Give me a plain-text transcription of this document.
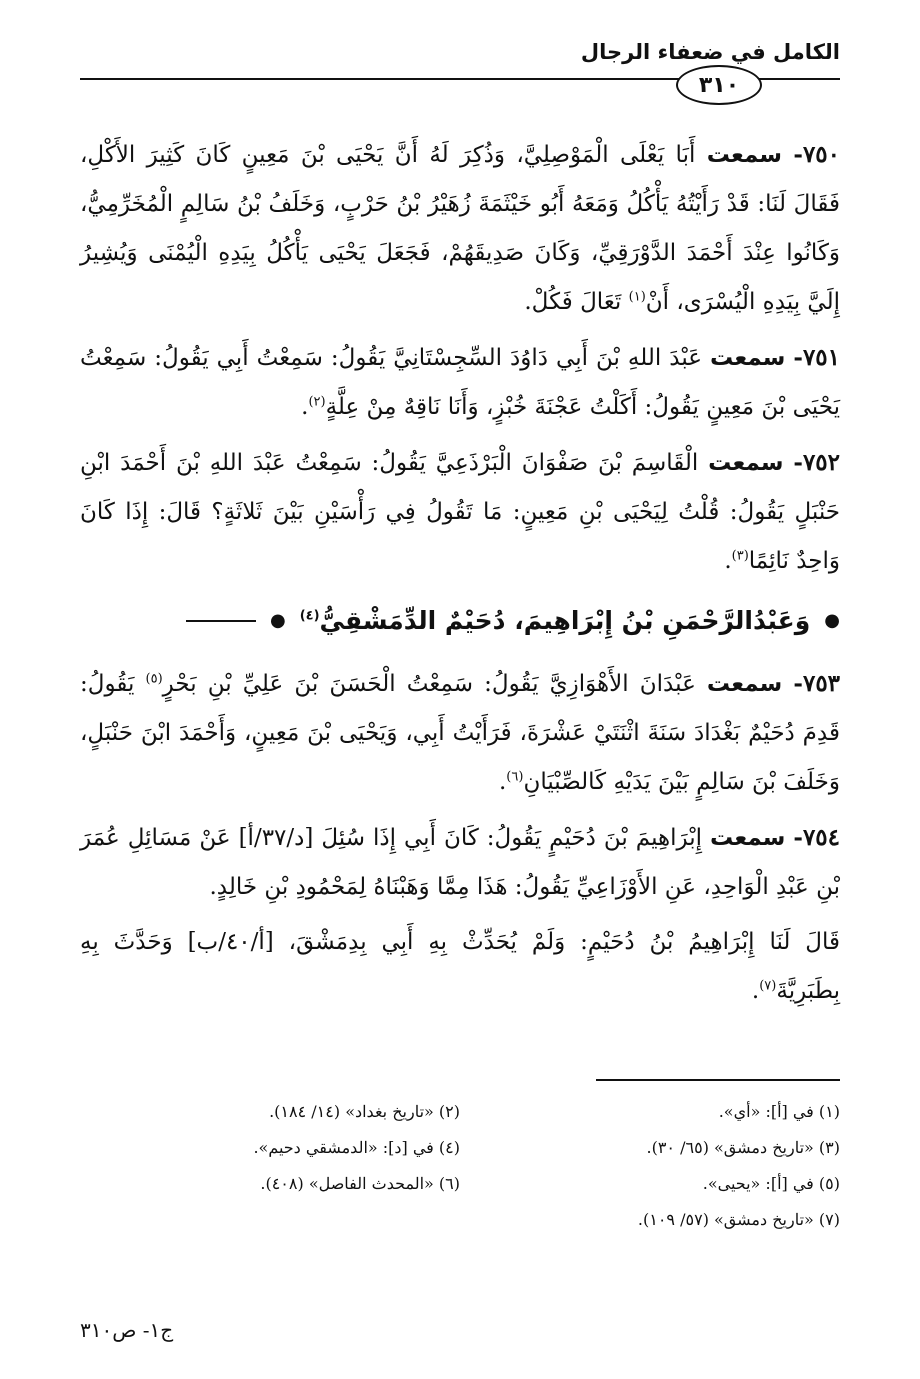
الكامل في ضعفاء الرجال
٣١٠

٧٥٠- سمعت أَبَا يَعْلَى الْمَوْصِلِيَّ، وَذُكِرَ لَهُ أَنَّ يَحْيَى بْنَ مَعِينٍ كَانَ كَثِيرَ الأَكْلِ، فَقَالَ لَنَا: قَدْ رَأَيْتُهُ يَأْكُلُ وَمَعَهُ أَبُو خَيْثَمَةَ زُهَيْرُ بْنُ حَرْبٍ، وَخَلَفُ بْنُ سَالِمٍ الْمُخَرِّمِيُّ، وَكَانُوا عِنْدَ أَحْمَدَ الدَّوْرَقِيِّ، وَكَانَ صَدِيقَهُمْ، فَجَعَلَ يَحْيَى يَأْكُلُ بِيَدِهِ الْيُمْنَى وَيُشِيرُ إِلَيَّ بِيَدِهِ الْيُسْرَى، أَنْ$^{(١)}$ تَعَالَ فَكُلْ.

٧٥١- سمعت عَبْدَ اللهِ بْنَ أَبِي دَاوُدَ السِّجِسْتَانِيَّ يَقُولُ: سَمِعْتُ أَبِي يَقُولُ: سَمِعْتُ يَحْيَى بْنَ مَعِينٍ يَقُولُ: أَكَلْتُ عَجْنَةَ خُبْزٍ، وَأَنَا نَاقِهٌ مِنْ عِلَّةٍ$^{(٢)}$.

٧٥٢- سمعت الْقَاسِمَ بْنَ صَفْوَانَ الْبَرْذَعِيَّ يَقُولُ: سَمِعْتُ عَبْدَ اللهِ بْنَ أَحْمَدَ ابْنِ حَنْبَلٍ يَقُولُ: قُلْتُ لِيَحْيَى بْنِ مَعِينٍ: مَا تَقُولُ فِي رَأْسَيْنِ بَيْنَ ثَلاثَةٍ؟ قَالَ: إِذَا كَانَ وَاحِدٌ نَائِمًا$^{(٣)}$.

●
وَعَبْدُالرَّحْمَنِ بْنُ إِبْرَاهِيمَ، دُحَيْمٌ الدِّمَشْقِيُّ$^{(٤)}$
●

٧٥٣- سمعت عَبْدَانَ الأَهْوَازِيَّ يَقُولُ: سَمِعْتُ الْحَسَنَ بْنَ عَلِيِّ بْنِ بَحْرٍ$^{(٥)}$ يَقُولُ: قَدِمَ دُحَيْمٌ بَغْدَادَ سَنَةَ اثْنَتَيْ عَشْرَةَ، فَرَأَيْتُ أَبِي، وَيَحْيَى بْنَ مَعِينٍ، وَأَحْمَدَ ابْنَ حَنْبَلٍ، وَخَلَفَ بْنَ سَالِمٍ بَيْنَ يَدَيْهِ كَالصِّبْيَانِ$^{(٦)}$.

٧٥٤- سمعت إِبْرَاهِيمَ بْنَ دُحَيْمٍ يَقُولُ: كَانَ أَبِي إِذَا سُئِلَ [د/٣٧/أ] عَنْ مَسَائِلِ عُمَرَ بْنِ عَبْدِ الْوَاحِدِ، عَنِ الأَوْزَاعِيِّ يَقُولُ: هَذَا مِمَّا وَهَبْنَاهُ لِمَحْمُودِ بْنِ خَالِدٍ.

قَالَ لَنَا إِبْرَاهِيمُ بْنُ دُحَيْمٍ: وَلَمْ يُحَدِّثْ بِهِ أَبِي بِدِمَشْقَ، [أ/٤٠/ب] وَحَدَّثَ بِهِ بِطَبَرِيَّةَ$^{(٧)}$.

(١) في [أ]: «أي».
(٢) «تاريخ بغداد» (١٤/ ١٨٤).
(٣) «تاريخ دمشق» (٦٥/ ٣٠).
(٤) في [د]: «الدمشقي دحيم».
(٥) في [أ]: «يحيى».
(٦) «المحدث الفاصل» (٤٠٨).
(٧) «تاريخ دمشق» (٥٧/ ١٠٩).
ج١- ص٣١٠
